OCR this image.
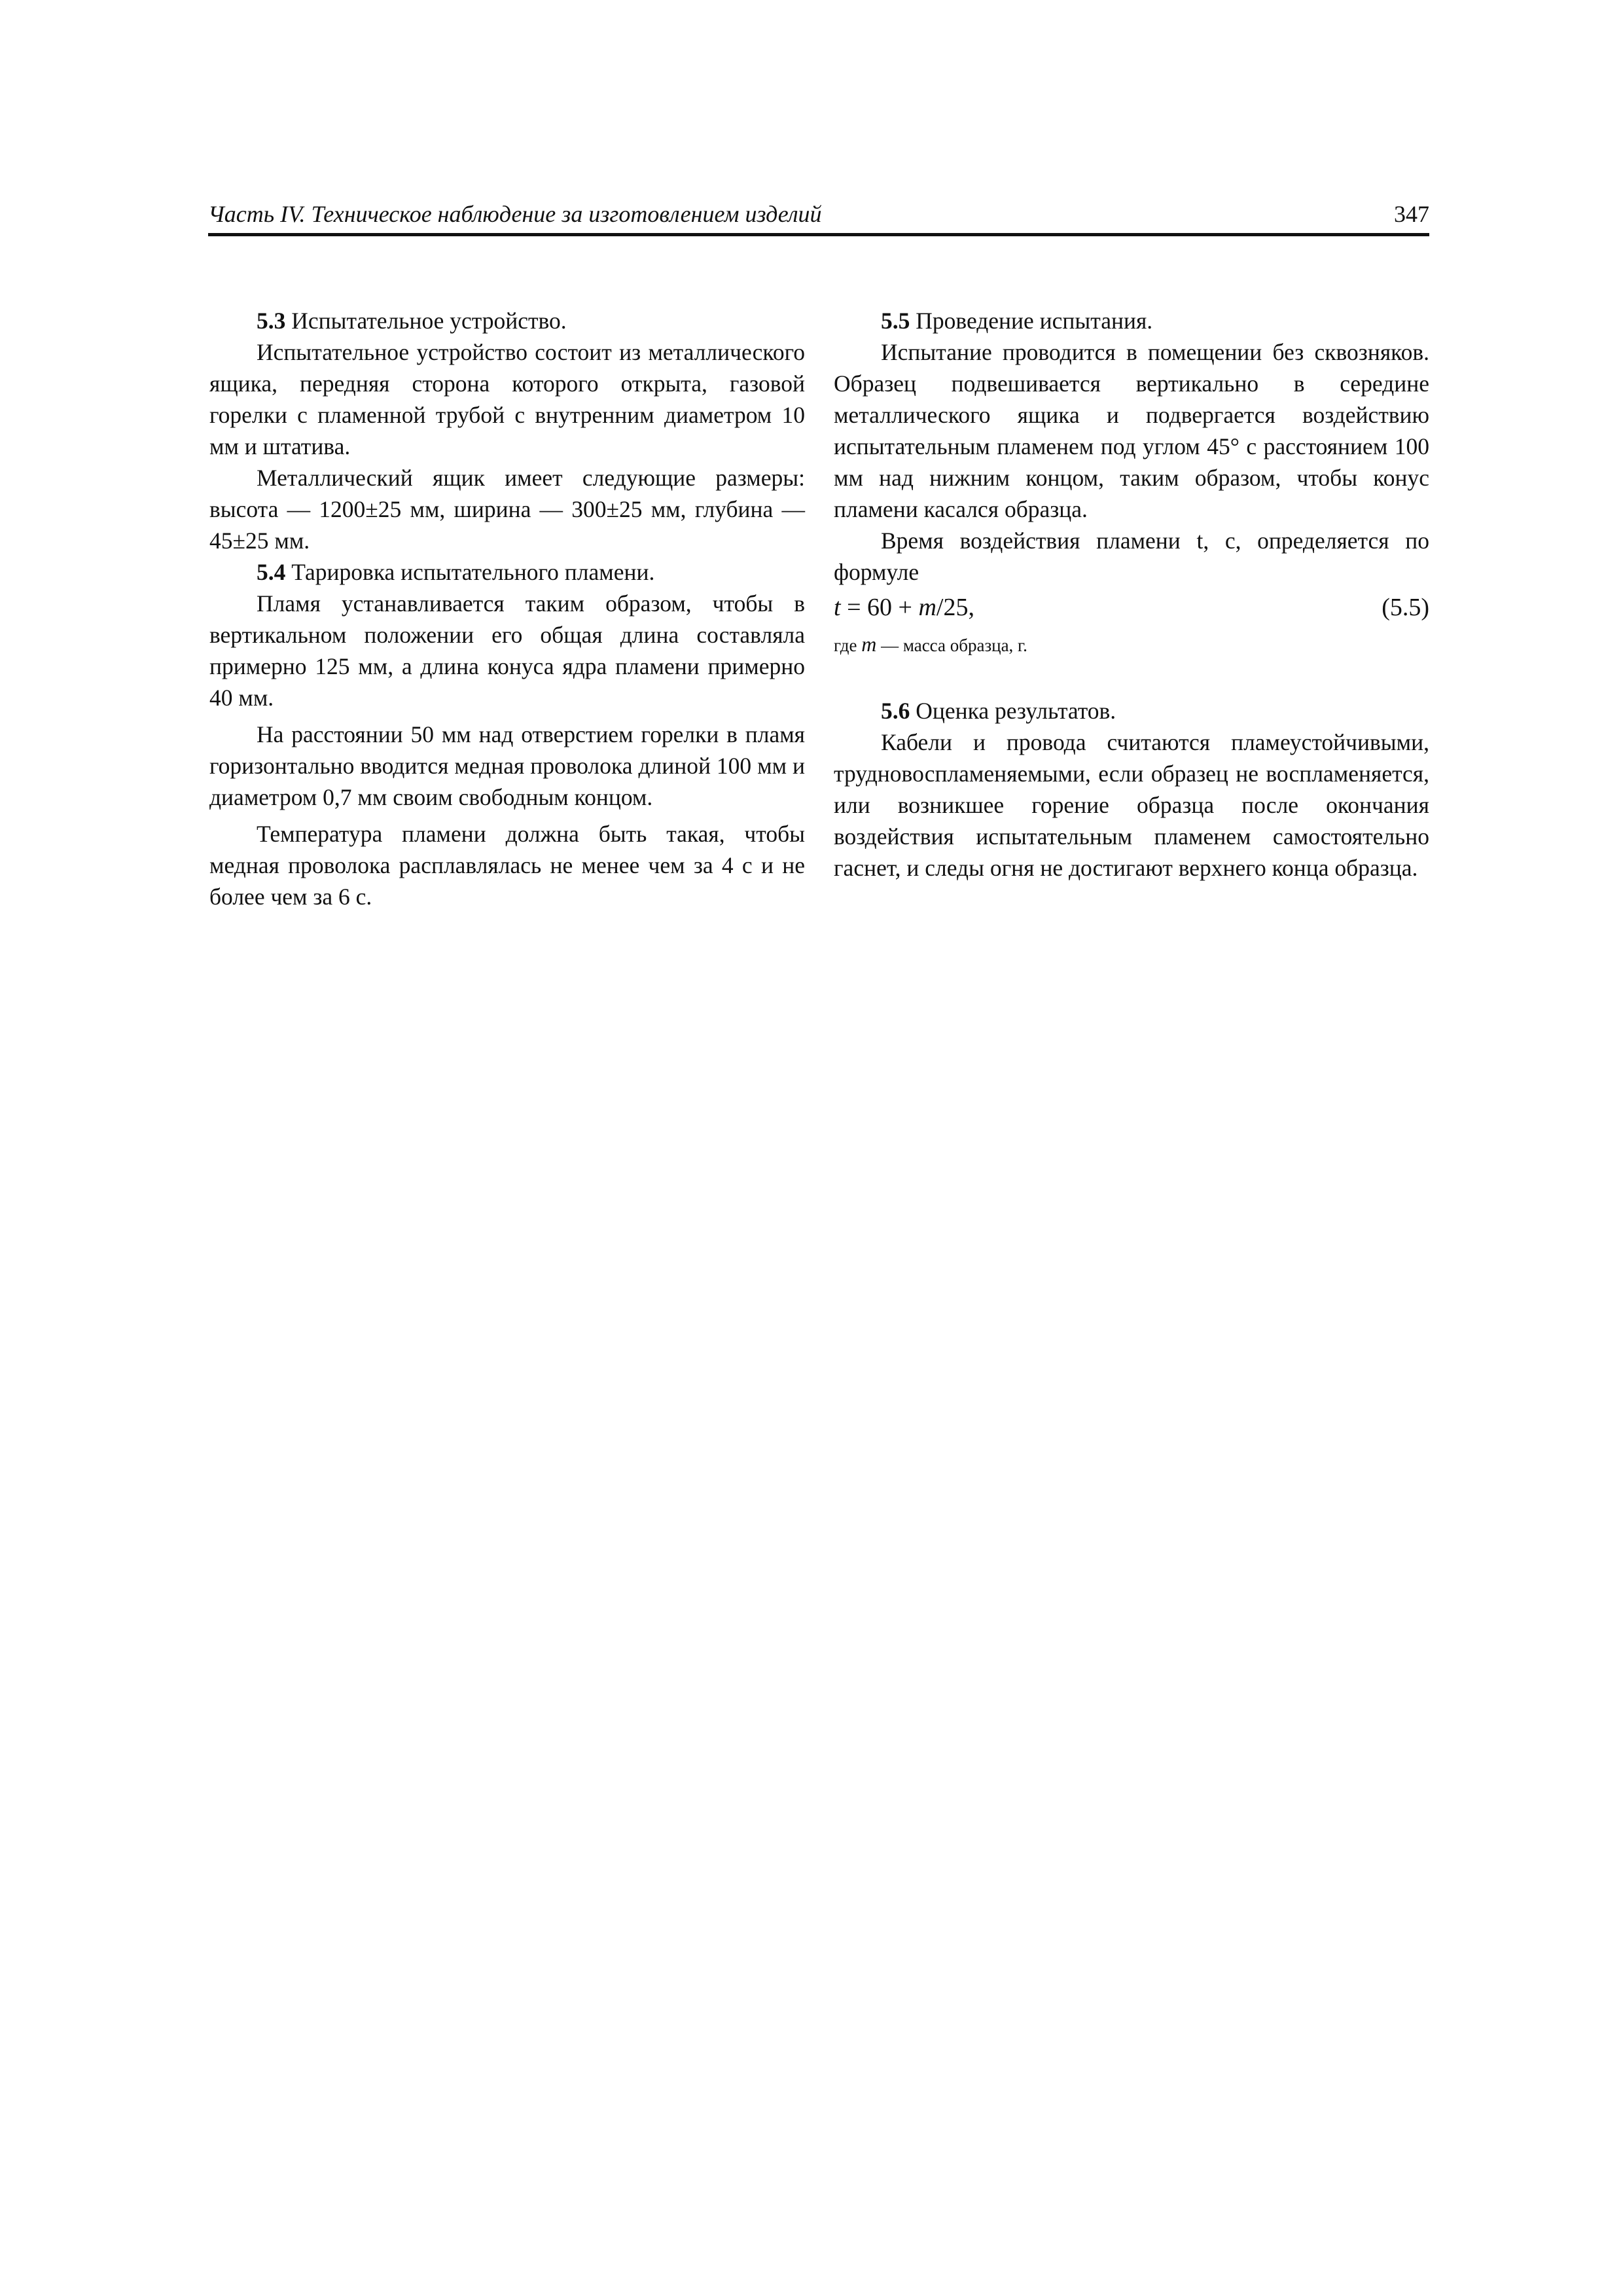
Часть IV. Техническое наблюдение за изготовлением изделий	347

5.3 Испытательное устройство.

Испытательное устройство состоит из металлического ящика, передняя сторона которого открыта, газовой горелки с пламенной трубой с внутренним диаметром 10 мм и штатива.

Металлический ящик имеет следующие размеры: высота — 1200±25 мм, ширина — 300±25 мм, глубина — 45±25 мм.

5.4 Тарировка испытательного пламени.

Пламя устанавливается таким образом, чтобы в вертикальном положении его общая длина составляла примерно 125 мм, а длина конуса ядра пламени примерно 40 мм.

На расстоянии 50 мм над отверстием горелки в пламя горизонтально вводится медная проволока длиной 100 мм и диаметром 0,7 мм своим свободным концом.

Температура пламени должна быть такая, чтобы медная проволока расплавлялась не менее чем за 4 с и не более чем за 6 с.

5.5 Проведение испытания.

Испытание проводится в помещении без сквозняков. Образец подвешивается вертикально в середине металлического ящика и подвергается воздействию испытательным пламенем под углом 45° с расстоянием 100 мм над нижним концом, таким образом, чтобы конус пламени касался образца.

Время воздействия пламени t, с, определяется по формуле

t = 60 + m/25,	(5.5)
где m — масса образца, г.

5.6 Оценка результатов.

Кабели и провода считаются пламеустойчивыми, трудновоспламеняемыми, если образец не воспламеняется, или возникшее горение образца после окончания воздействия испытательным пламенем самостоятельно гаснет, и следы огня не достигают верхнего конца образца.
